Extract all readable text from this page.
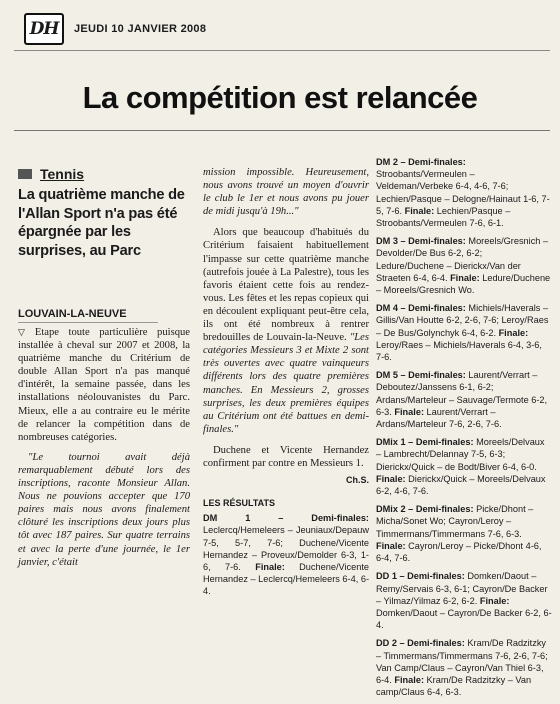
DH	JEUDI 10 JANVIER 2008
La compétition est relancée
Tennis
La quatrième manche de l'Allan Sport n'a pas été épargnée par les surprises, au Parc
LOUVAIN-LA-NEUVE

▽ Etape toute particulière puisque installée à cheval sur 2007 et 2008, la quatrième manche du Critérium de double Allan Sport n'a pas manqué d'intérêt, la semaine passée, dans les installations néolouvanistes du Parc. Mieux, elle a au contraire eu le mérite de relancer la compétition dans de nombreuses catégories.

"Le tournoi avait déjà remarquablement débuté lors des inscriptions, raconte Monsieur Allan. Nous ne pouvions accepter que 170 paires mais nous avons finalement clôturé les inscriptions deux jours plus tôt avec 187 paires. Sur quatre terrains et avec la perte d'une journée, le 1er janvier, c'était

mission impossible. Heureusement, nous avons trouvé un moyen d'ouvrir le club le 1er et nous avons pu jouer de midi jusqu'à 19h..."

Alors que beaucoup d'habitués du Critérium faisaient habituellement l'impasse sur cette quatrième manche (autrefois jouée à La Palestre), tous les favoris étaient cette fois au rendez-vous. Les fêtes et les repas copieux qui en découlent expliquant peut-être cela, ils ont été nombreux à rentrer bredouilles de Louvain-la-Neuve. "Les catégories Messieurs 3 et Mixte 2 sont très ouvertes avec quatre vainqueurs différents lors des quatre premières manches. En Messieurs 2, grosses surprises, les deux premières équipes au Critérium ont été battues en demi-finales."

Duchene et Vicente Hernandez confirment par contre en Messieurs 1.

Ch.S.
LES RÉSULTATS
DM 1 – Demi-finales: Leclercq/Hemeleers – Jeuniaux/Depauw 7-5, 5-7, 7-6; Duchene/Vicente Hernandez – Proveux/Demolder 6-3, 1-6, 7-6. Finale: Duchene/Vicente Hernandez – Leclercq/Hemeleers 6-4, 6-4.
DM 2 – Demi-finales: Stroobants/Vermeulen – Veldeman/Verbeke 6-4, 4-6, 7-6; Lechien/Pasque – Delogne/Hainaut 1-6, 7-5, 7-6. Finale: Lechien/Pasque – Stroobants/Vermeulen 7-6, 6-1.
DM 3 – Demi-finales: Moreels/Gresnich – Devolder/De Bus 6-2, 6-2; Ledure/Duchene – Dierickx/Van der Straeten 6-4, 6-4. Finale: Ledure/Duchene – Moreels/Gresnich Wo.
DM 4 – Demi-finales: Michiels/Haverals – Gillis/Van Houtte 6-2, 2-6, 7-6; Leroy/Raes – De Bus/Golynchyk 6-4, 6-2. Finale: Leroy/Raes – Michiels/Haverals 6-4, 3-6, 7-6.
DM 5 – Demi-finales: Laurent/Verrart – Deboutez/Janssens 6-1, 6-2; Ardans/Marteleur – Sauvage/Termote 6-2, 6-3. Finale: Laurent/Verrart – Ardans/Marteleur 7-6, 2-6, 7-6.
DMix 1 – Demi-finales: Moreels/Delvaux – Lambrecht/Delannay 7-5, 6-3; Dierickx/Quick – de Bodt/Biver 6-4, 6-0. Finale: Dierickx/Quick – Moreels/Delvaux 6-2, 4-6, 7-6.
DMix 2 – Demi-finales: Picke/Dhont – Micha/Sonet Wo; Cayron/Leroy – Timmermans/Timmermans 7-6, 6-3. Finale: Cayron/Leroy – Picke/Dhont 4-6, 6-4, 7-6.
DD 1 – Demi-finales: Domken/Daout – Remy/Servais 6-3, 6-1; Cayron/De Backer – Yilmaz/Yilmaz 6-2, 6-2. Finale: Domken/Daout – Cayron/De Backer 6-2, 6-4.
DD 2 – Demi-finales: Kram/De Radzitzky – Timmermans/Timmermans 7-6, 2-6, 7-6; Van Camp/Claus – Cayron/Van Thiel 6-3, 6-4. Finale: Kram/De Radzitzky – Van camp/Claus 6-4, 6-3.
